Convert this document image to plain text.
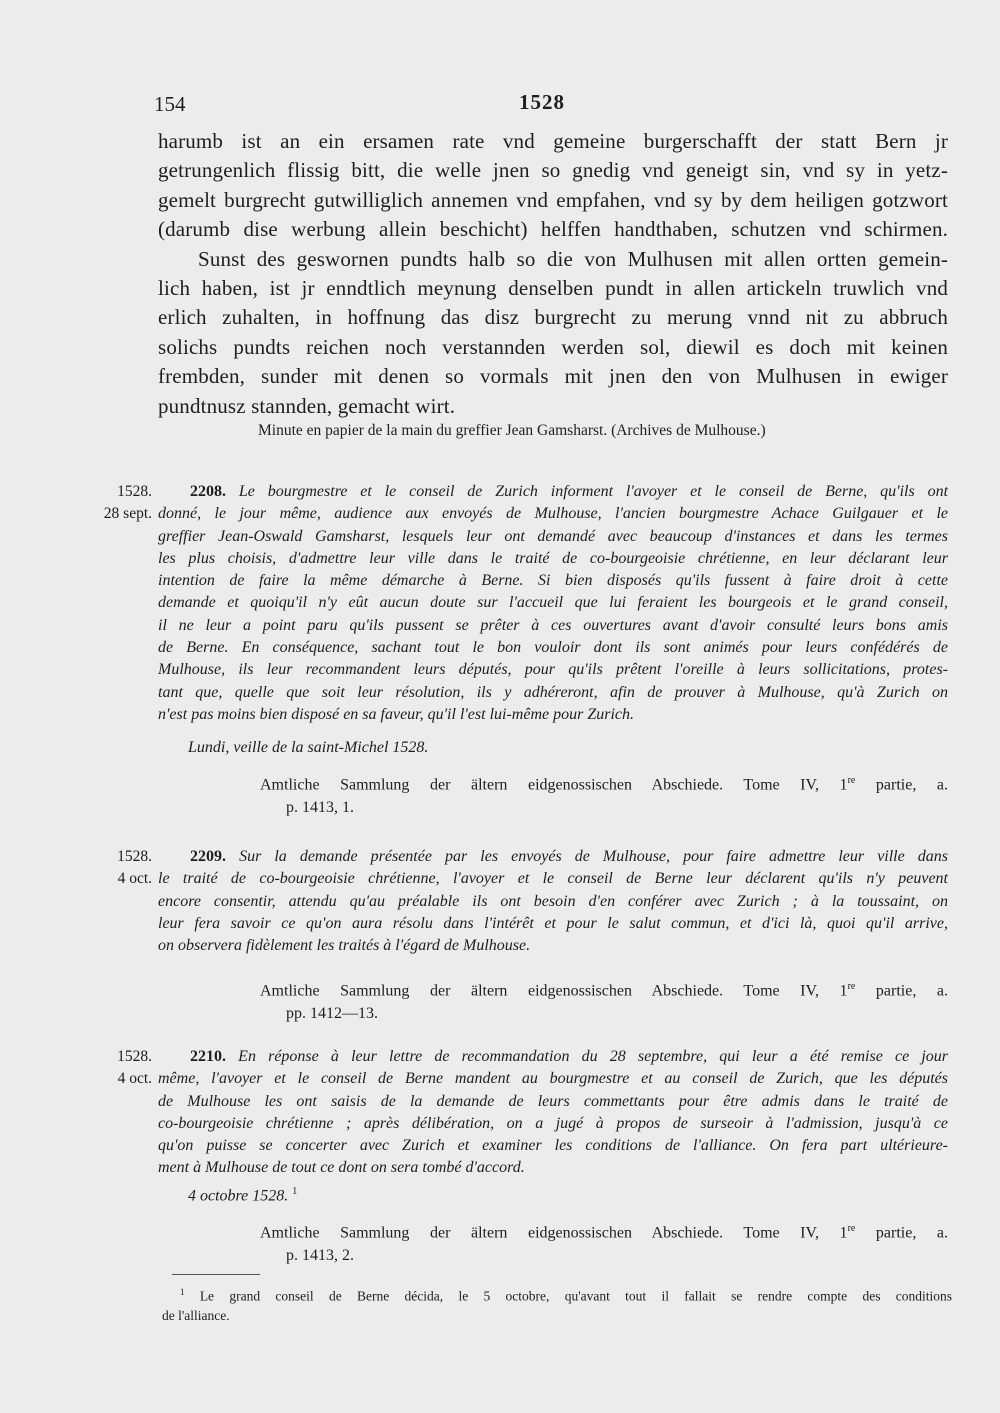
154	1528
harumb ist an ein ersamen rate vnd gemeine burgerschafft der statt Bern jr
getrungenlich flissig bitt, die welle jnen so gnedig vnd geneigt sin, vnd sy in yetz-
gemelt burgrecht gutwilliglich annemen vnd empfahen, vnd sy by dem heiligen gotzwort
(darumb dise werbung allein beschicht) helffen handthaben, schutzen vnd schirmen.
Sunst des geswornen pundts halb so die von Mulhusen mit allen ortten gemein-
lich haben, ist jr enndtlich meynung denselben pundt in allen artickeln truwlich vnd
erlich zuhalten, in hoffnung das disz burgrecht zu merung vnnd nit zu abbruch
solichs pundts reichen noch verstannden werden sol, diewil es doch mit keinen
frembden, sunder mit denen so vormals mit jnen den von Mulhusen in ewiger
pundtnusz stannden, gemacht wirt.
Minute en papier de la main du greffier Jean Gamsharst. (Archives de Mulhouse.)
1528.
28 sept.
2208. Le bourgmestre et le conseil de Zurich informent l'avoyer et le conseil de Berne, qu'ils ont
donné, le jour même, audience aux envoyés de Mulhouse, l'ancien bourgmestre Achace Guilgauer et le
greffier Jean-Oswald Gamsharst, lesquels leur ont demandé avec beaucoup d'instances et dans les termes
les plus choisis, d'admettre leur ville dans le traité de co-bourgeoisie chrétienne, en leur déclarant leur
intention de faire la même démarche à Berne. Si bien disposés qu'ils fussent à faire droit à cette
demande et quoiqu'il n'y eût aucun doute sur l'accueil que lui feraient les bourgeois et le grand conseil,
il ne leur a point paru qu'ils pussent se prêter à ces ouvertures avant d'avoir consulté leurs bons amis
de Berne. En conséquence, sachant tout le bon vouloir dont ils sont animés pour leurs confédérés de
Mulhouse, ils leur recommandent leurs députés, pour qu'ils prêtent l'oreille à leurs sollicitations, protes-
tant que, quelle que soit leur résolution, ils y adhéreront, afin de prouver à Mulhouse, qu'à Zurich on
n'est pas moins bien disposé en sa faveur, qu'il l'est lui-même pour Zurich.
Lundi, veille de la saint-Michel 1528.
Amtliche Sammlung der ältern eidgenossischen Abschiede. Tome IV, 1re partie, a.
p. 1413, 1.
1528.
4 oct.
2209. Sur la demande présentée par les envoyés de Mulhouse, pour faire admettre leur ville dans
le traité de co-bourgeoisie chrétienne, l'avoyer et le conseil de Berne leur déclarent qu'ils n'y peuvent
encore consentir, attendu qu'au préalable ils ont besoin d'en conférer avec Zurich ; à la toussaint, on
leur fera savoir ce qu'on aura résolu dans l'intérêt et pour le salut commun, et d'ici là, quoi qu'il arrive,
on observera fidèlement les traités à l'égard de Mulhouse.
Amtliche Sammlung der ältern eidgenossischen Abschiede. Tome IV, 1re partie, a.
pp. 1412—13.
1528.
4 oct.
2210. En réponse à leur lettre de recommandation du 28 septembre, qui leur a été remise ce jour
même, l'avoyer et le conseil de Berne mandent au bourgmestre et au conseil de Zurich, que les députés
de Mulhouse les ont saisis de la demande de leurs commettants pour être admis dans le traité de
co-bourgeoisie chrétienne ; après délibération, on a jugé à propos de surseoir à l'admission, jusqu'à ce
qu'on puisse se concerter avec Zurich et examiner les conditions de l'alliance. On fera part ultérieure-
ment à Mulhouse de tout ce dont on sera tombé d'accord.
4 octobre 1528. $^1$
Amtliche Sammlung der ältern eidgenossischen Abschiede. Tome IV, 1re partie, a.
p. 1413, 2.
$^1$ Le grand conseil de Berne décida, le 5 octobre, qu'avant tout il fallait se rendre compte des conditions
de l'alliance.
